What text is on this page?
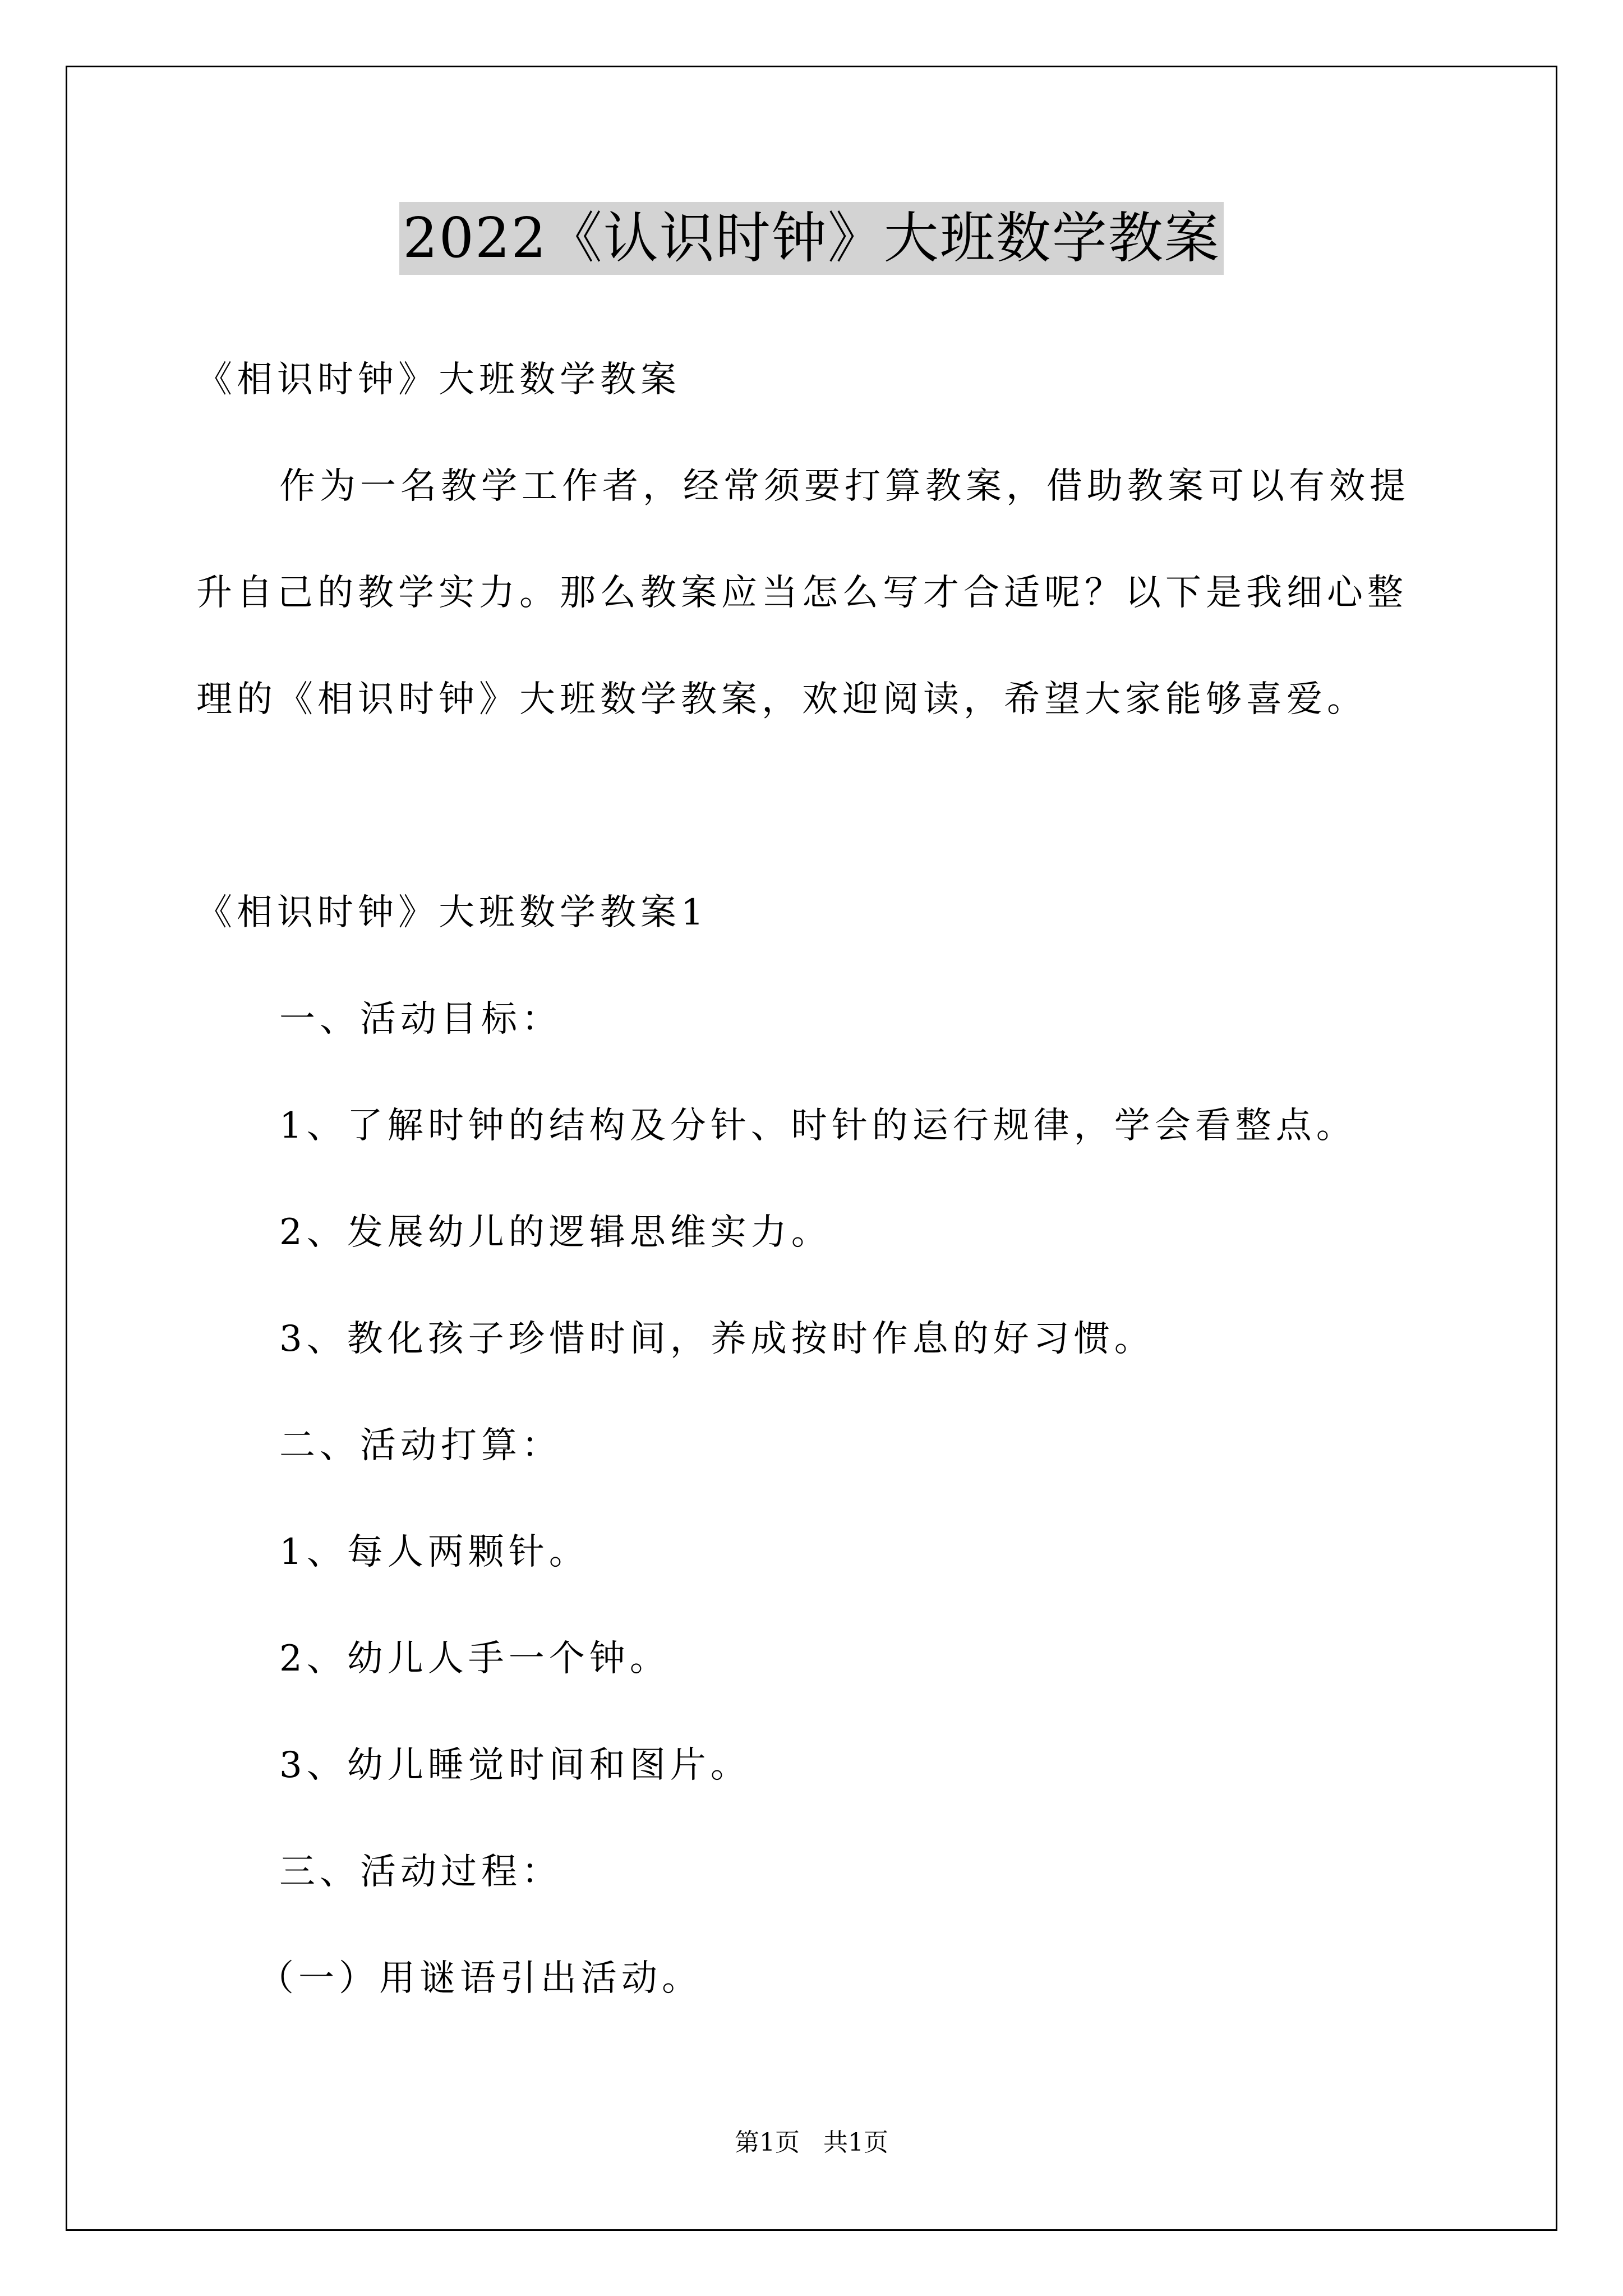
2022《认识时钟》大班数学教案
《相识时钟》大班数学教案
作为一名教学工作者，经常须要打算教案，借助教案可以有效提
升自己的教学实力。那么教案应当怎么写才合适呢？以下是我细心整
理的《相识时钟》大班数学教案，欢迎阅读，希望大家能够喜爱。
《相识时钟》大班数学教案1
一、活动目标：
1、了解时钟的结构及分针、时针的运行规律，学会看整点。
2、发展幼儿的逻辑思维实力。
3、教化孩子珍惜时间，养成按时作息的好习惯。
二、活动打算：
1、每人两颗针。
2、幼儿人手一个钟。
3、幼儿睡觉时间和图片。
三、活动过程：
（一）用谜语引出活动。
第1页   共1页
